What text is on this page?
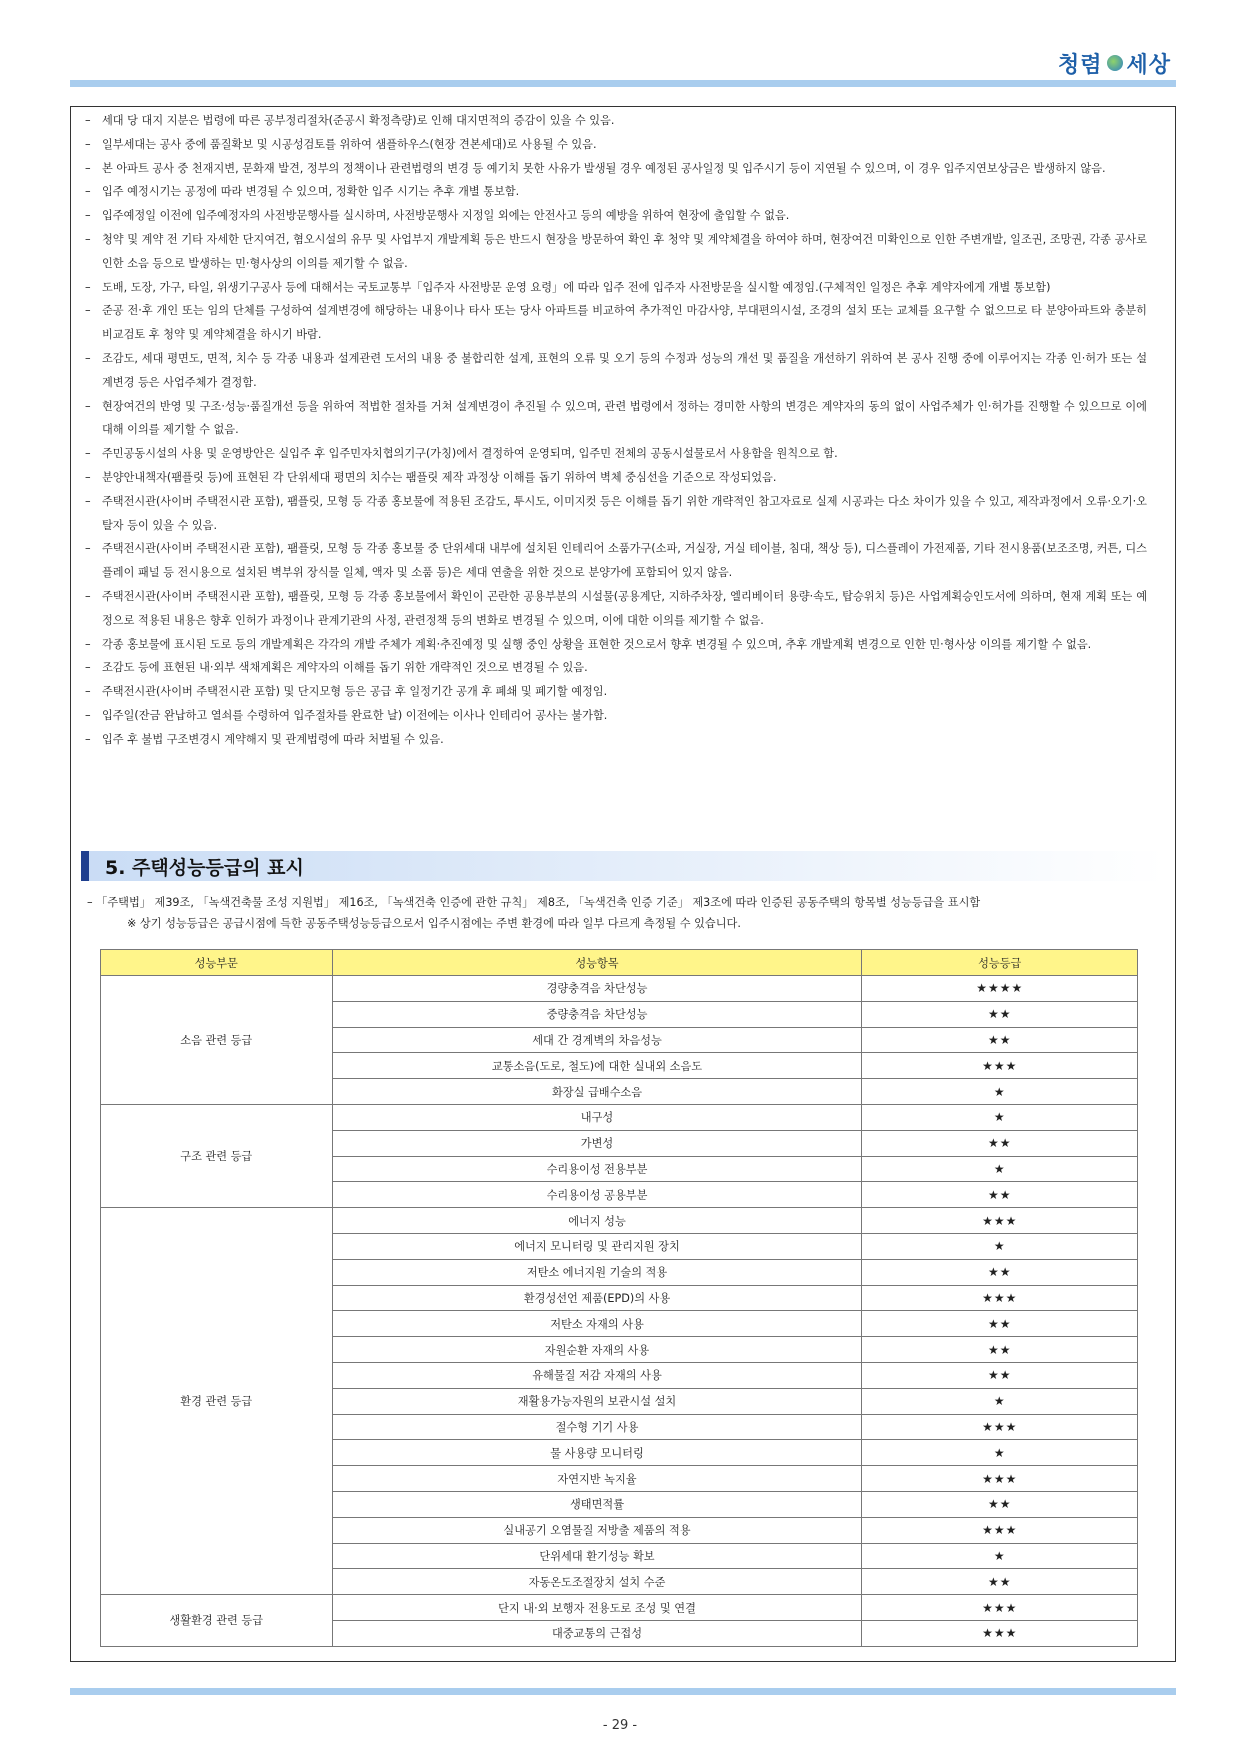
청렴 세상
– 세대 당 대지 지분은 법령에 따른 공부정리절차(준공시 확정측량)로 인해 대지면적의 증감이 있을 수 있음.
– 일부세대는 공사 중에 품질확보 및 시공성검토를 위하여 샘플하우스(현장 견본세대)로 사용될 수 있음.
– 본 아파트 공사 중 천재지변, 문화재 발견, 정부의 정책이나 관련법령의 변경 등 예기치 못한 사유가 발생될 경우 예정된 공사일정 및 입주시기 등이 지연될 수 있으며, 이 경우 입주지연보상금은 발생하지 않음.
– 입주 예정시기는 공정에 따라 변경될 수 있으며, 정확한 입주 시기는 추후 개별 통보함.
– 입주예정일 이전에 입주예정자의 사전방문행사를 실시하며, 사전방문행사 지정일 외에는 안전사고 등의 예방을 위하여 현장에 출입할 수 없음.
– 청약 및 계약 전 기타 자세한 단지여건, 혐오시설의 유무 및 사업부지 개발계획 등은 반드시 현장을 방문하여 확인 후 청약 및 계약체결을 하여야 하며, 현장여건 미확인으로 인한 주변개발, 일조권, 조망권, 각종 공사로 인한 소음 등으로 발생하는 민·형사상의 이의를 제기할 수 없음.
– 도배, 도장, 가구, 타일, 위생기구공사 등에 대해서는 국토교통부「입주자 사전방문 운영 요령」에 따라 입주 전에 입주자 사전방문을 실시할 예정임.(구체적인 일정은 추후 계약자에게 개별 통보함)
– 준공 전·후 개인 또는 임의 단체를 구성하여 설계변경에 해당하는 내용이나 타사 또는 당사 아파트를 비교하여 추가적인 마감사양, 부대편의시설, 조경의 설치 또는 교체를 요구할 수 없으므로 타 분양아파트와 충분히 비교검토 후 청약 및 계약체결을 하시기 바람.
– 조감도, 세대 평면도, 면적, 치수 등 각종 내용과 설계관련 도서의 내용 중 불합리한 설계, 표현의 오류 및 오기 등의 수정과 성능의 개선 및 품질을 개선하기 위하여 본 공사 진행 중에 이루어지는 각종 인·허가 또는 설계변경 등은 사업주체가 결정함.
– 현장여건의 반영 및 구조·성능·품질개선 등을 위하여 적법한 절차를 거쳐 설계변경이 추진될 수 있으며, 관련 법령에서 정하는 경미한 사항의 변경은 계약자의 동의 없이 사업주체가 인·허가를 진행할 수 있으므로 이에 대해 이의를 제기할 수 없음.
– 주민공동시설의 사용 및 운영방안은 실입주 후 입주민자치협의기구(가칭)에서 결정하여 운영되며, 입주민 전체의 공동시설물로서 사용함을 원칙으로 함.
– 분양안내책자(팸플릿 등)에 표현된 각 단위세대 평면의 치수는 팸플릿 제작 과정상 이해를 돕기 위하여 벽체 중심선을 기준으로 작성되었음.
– 주택전시관(사이버 주택전시관 포함), 팸플릿, 모형 등 각종 홍보물에 적용된 조감도, 투시도, 이미지컷 등은 이해를 돕기 위한 개략적인 참고자료로 실제 시공과는 다소 차이가 있을 수 있고, 제작과정에서 오류·오기·오탈자 등이 있을 수 있음.
– 주택전시관(사이버 주택전시관 포함), 팸플릿, 모형 등 각종 홍보물 중 단위세대 내부에 설치된 인테리어 소품가구(소파, 거실장, 거실 테이블, 침대, 책상 등), 디스플레이 가전제품, 기타 전시용품(보조조명, 커튼, 디스플레이 패널 등 전시용으로 설치된 벽부위 장식물 일체, 액자 및 소품 등)은 세대 연출을 위한 것으로 분양가에 포함되어 있지 않음.
– 주택전시관(사이버 주택전시관 포함), 팸플릿, 모형 등 각종 홍보물에서 확인이 곤란한 공용부분의 시설물(공용계단, 지하주차장, 엘리베이터 용량·속도, 탑승위치 등)은 사업계획승인도서에 의하며, 현재 계획 또는 예정으로 적용된 내용은 향후 인허가 과정이나 관계기관의 사정, 관련정책 등의 변화로 변경될 수 있으며, 이에 대한 이의를 제기할 수 없음.
– 각종 홍보물에 표시된 도로 등의 개발계획은 각각의 개발 주체가 계획·추진예정 및 실행 중인 상황을 표현한 것으로서 향후 변경될 수 있으며, 추후 개발계획 변경으로 인한 민·형사상 이의를 제기할 수 없음.
– 조감도 등에 표현된 내·외부 색채계획은 계약자의 이해를 돕기 위한 개략적인 것으로 변경될 수 있음.
– 주택전시관(사이버 주택전시관 포함) 및 단지모형 등은 공급 후 일정기간 공개 후 폐쇄 및 폐기할 예정임.
– 입주일(잔금 완납하고 열쇠를 수령하여 입주절차를 완료한 날) 이전에는 이사나 인테리어 공사는 불가함.
– 입주 후 불법 구조변경시 계약해지 및 관계법령에 따라 처벌될 수 있음.
5. 주택성능등급의 표시
– 「주택법」 제39조, 「녹색건축물 조성 지원법」 제16조, 「녹색건축 인증에 관한 규칙」 제8조, 「녹색건축 인증 기준」 제3조에 따라 인증된 공동주택의 항목별 성능등급을 표시함
※ 상기 성능등급은 공급시점에 득한 공동주택성능등급으로서 입주시점에는 주변 환경에 따라 일부 다르게 측정될 수 있습니다.
성능부문	성능항목	성능등급
소음 관련 등급	경량충격음 차단성능	★★★★
	중량충격음 차단성능	★★
	세대 간 경계벽의 차음성능	★★
	교통소음(도로, 철도)에 대한 실내외 소음도	★★★
	화장실 급배수소음	★
구조 관련 등급	내구성	★
	가변성	★★
	수리용이성 전용부분	★
	수리용이성 공용부분	★★
환경 관련 등급	에너지 성능	★★★
	에너지 모니터링 및 관리지원 장치	★
	저탄소 에너지원 기술의 적용	★★
	환경성선언 제품(EPD)의 사용	★★★
	저탄소 자재의 사용	★★
	자원순환 자재의 사용	★★
	유해물질 저감 자재의 사용	★★
	재활용가능자원의 보관시설 설치	★
	절수형 기기 사용	★★★
	물 사용량 모니터링	★
	자연지반 녹지율	★★★
	생태면적률	★★
	실내공기 오염물질 저방출 제품의 적용	★★★
	단위세대 환기성능 확보	★
	자동온도조절장치 설치 수준	★★
생활환경 관련 등급	단지 내·외 보행자 전용도로 조성 및 연결	★★★
	대중교통의 근접성	★★★
- 29 -
